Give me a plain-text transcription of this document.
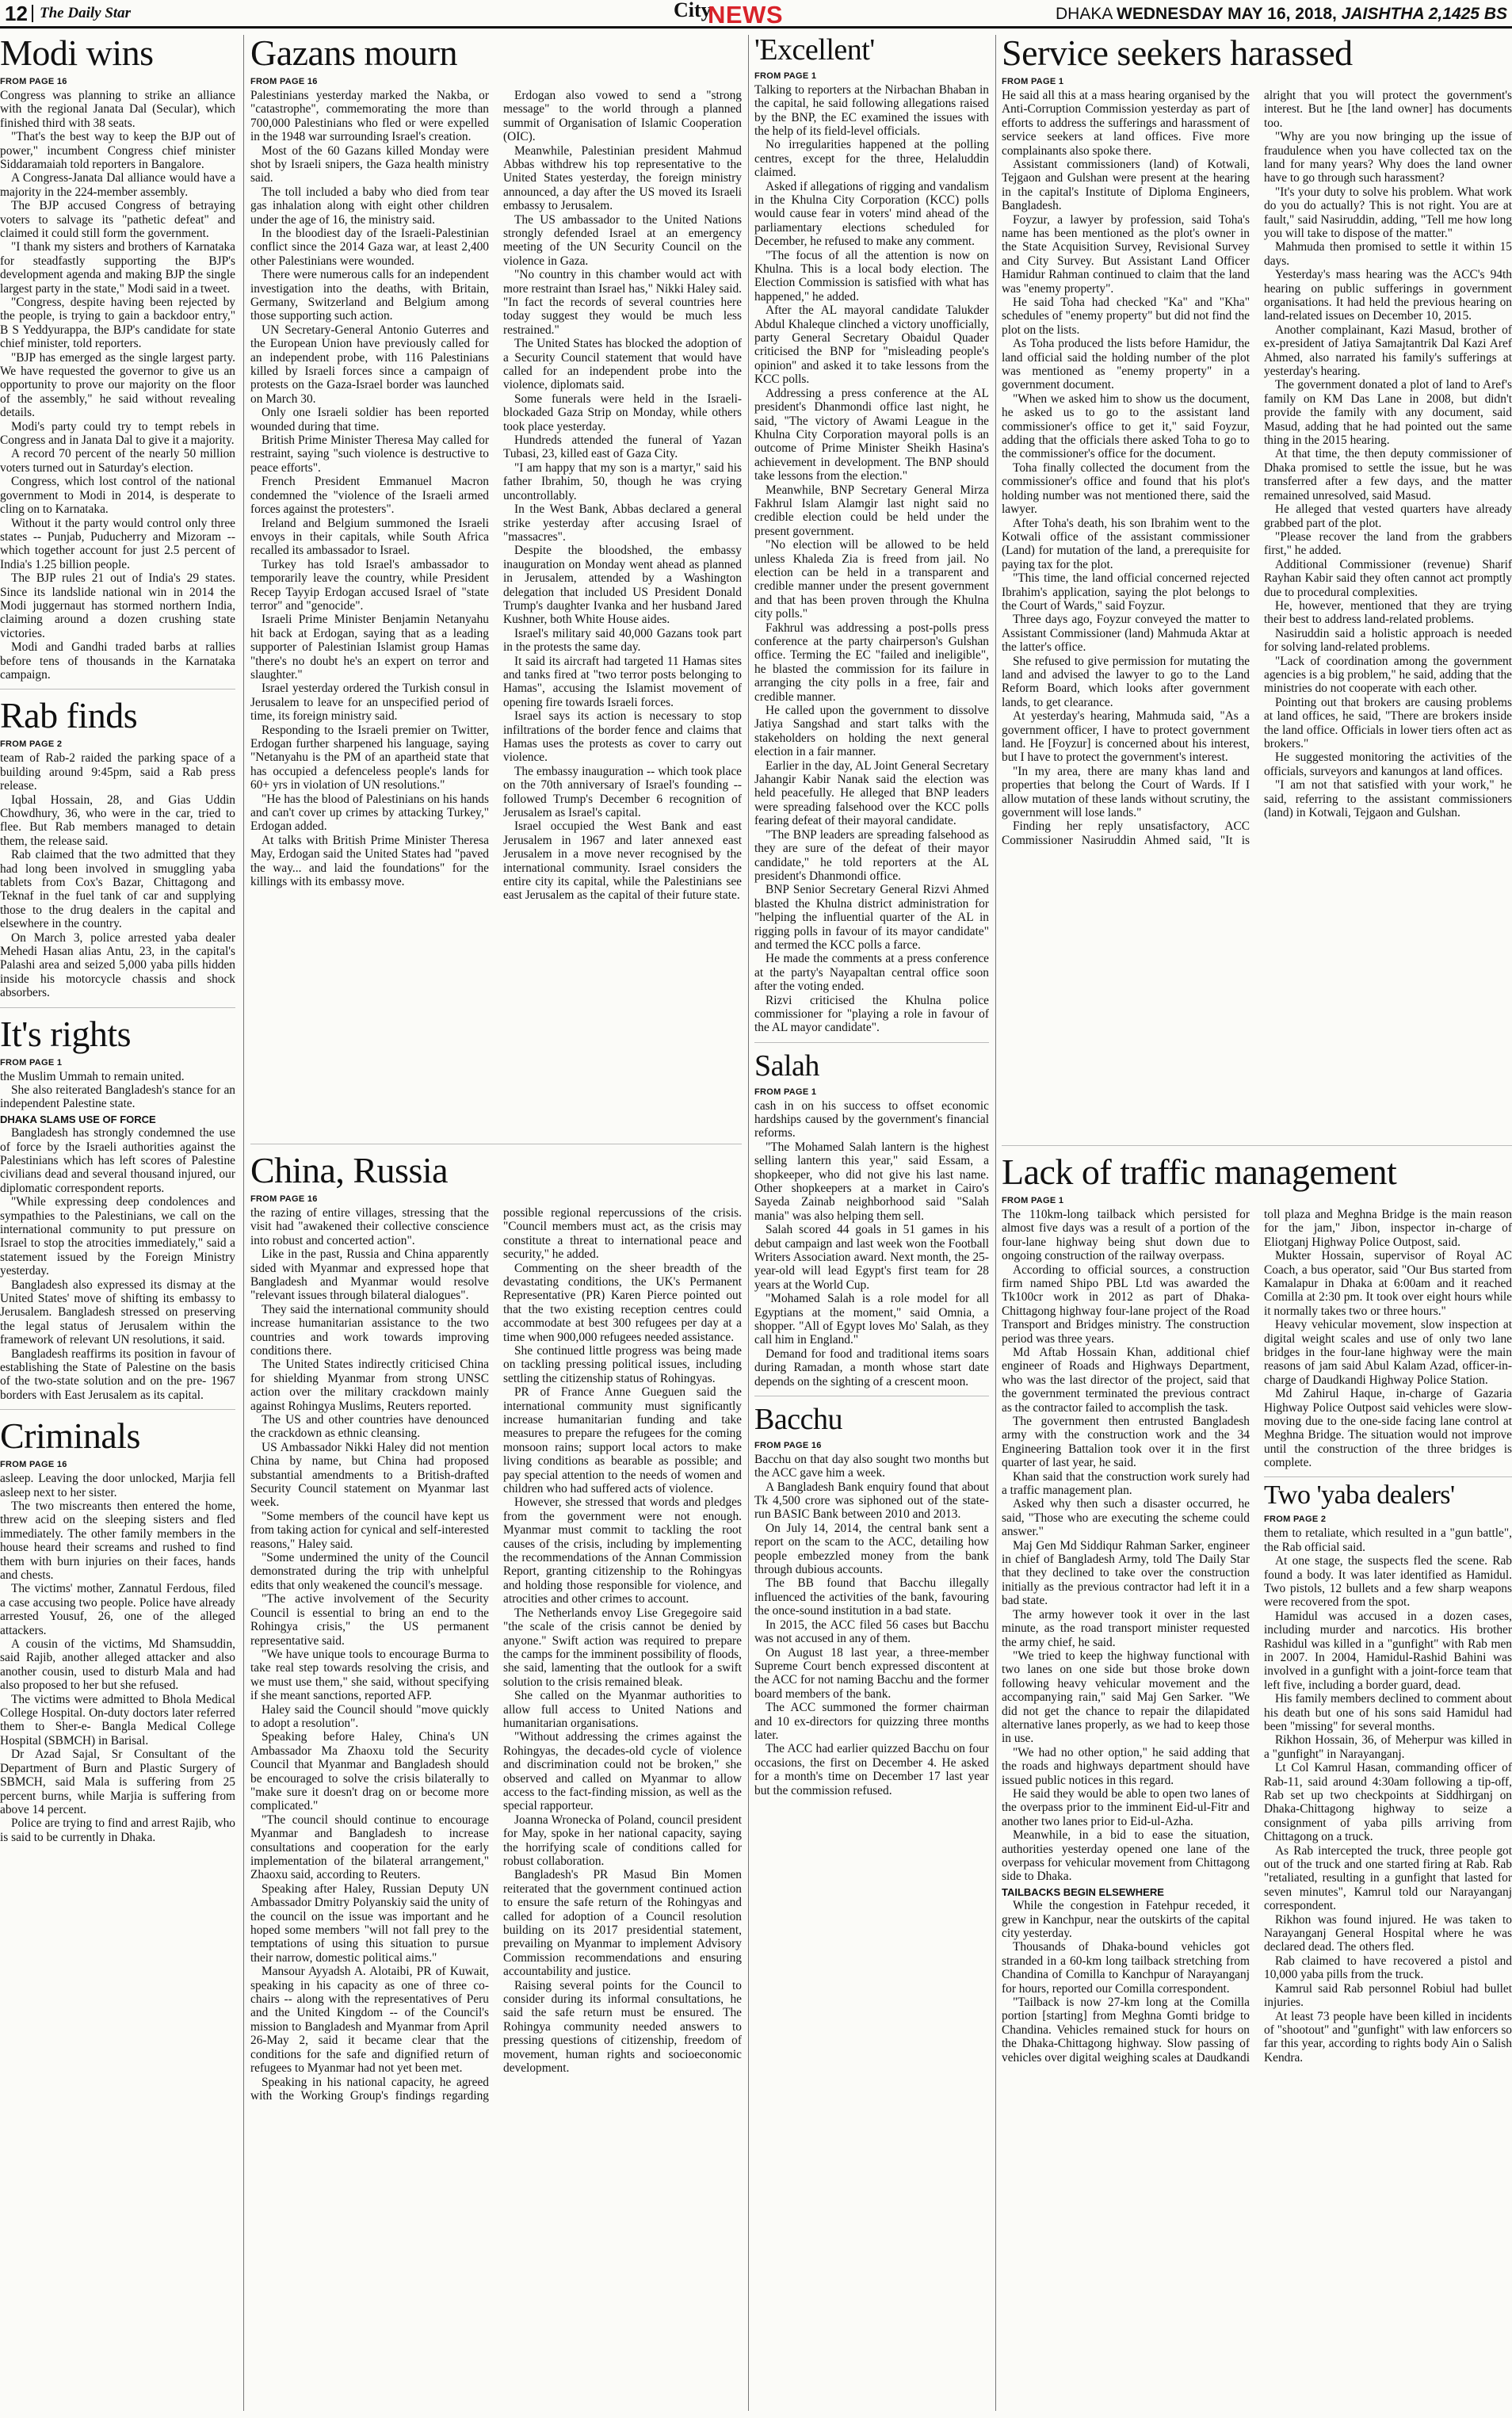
12 The Daily Star	City
NEWS	DHAKA WEDNESDAY MAY 16, 2018, JAISHTHA 2,1425 BS
Modi wins
FROM PAGE 16

Congress was planning to strike an alliance with the regional Janata Dal (Secular), which finished third with 38 seats.

"That's the best way to keep the BJP out of power," incumbent Congress chief minister Siddaramaiah told reporters in Bangalore.

A Congress-Janata Dal alliance would have a majority in the 224-member assembly.

The BJP accused Congress of betraying voters to salvage its "pathetic defeat" and claimed it could still form the government.

"I thank my sisters and brothers of Karnataka for steadfastly supporting the BJP's development agenda and making BJP the single largest party in the state," Modi said in a tweet.

"Congress, despite having been rejected by the people, is trying to gain a backdoor entry," B S Yeddyurappa, the BJP's candidate for state chief minister, told reporters.

"BJP has emerged as the single largest party. We have requested the governor to give us an opportunity to prove our majority on the floor of the assembly," he said without revealing details.

Modi's party could try to tempt rebels in Congress and in Janata Dal to give it a majority.

A record 70 percent of the nearly 50 million voters turned out in Saturday's election.

Congress, which lost control of the national government to Modi in 2014, is desperate to cling on to Karnataka.

Without it the party would control only three states -- Punjab, Puducherry and Mizoram -- which together account for just 2.5 percent of India's 1.25 billion people.

The BJP rules 21 out of India's 29 states. Since its landslide national win in 2014 the Modi juggernaut has stormed northern India, claiming around a dozen crushing state victories.

Modi and Gandhi traded barbs at rallies before tens of thousands in the Karnataka campaign.

Rab finds
FROM PAGE 2

team of Rab-2 raided the parking space of a building around 9:45pm, said a Rab press release.

Iqbal Hossain, 28, and Gias Uddin Chowdhury, 36, who were in the car, tried to flee. But Rab members managed to detain them, the release said.

Rab claimed that the two admitted that they had long been involved in smuggling yaba tablets from Cox's Bazar, Chittagong and Teknaf in the fuel tank of car and supplying those to the drug dealers in the capital and elsewhere in the country.

On March 3, police arrested yaba dealer Mehedi Hasan alias Antu, 23, in the capital's Palashi area and seized 5,000 yaba pills hidden inside his motorcycle chassis and shock absorbers.

It's rights
FROM PAGE 1

the Muslim Ummah to remain united.

She also reiterated Bangladesh's stance for an independent Palestine state.

DHAKA SLAMS USE OF FORCE

Bangladesh has strongly condemned the use of force by the Israeli authorities against the Palestinians which has left scores of Palestine civilians dead and several thousand injured, our diplomatic correspondent reports.

"While expressing deep condolences and sympathies to the Palestinians, we call on the international community to put pressure on Israel to stop the atrocities immediately," said a statement issued by the Foreign Ministry yesterday.

Bangladesh also expressed its dismay at the United States' move of shifting its embassy to Jerusalem. Bangladesh stressed on preserving the legal status of Jerusalem within the framework of relevant UN resolutions, it said.

Bangladesh reaffirms its position in favour of establishing the State of Palestine on the basis of the two-state solution and on the pre- 1967 borders with East Jerusalem as its capital.

Criminals
FROM PAGE 16

asleep. Leaving the door unlocked, Marjia fell asleep next to her sister.

The two miscreants then entered the home, threw acid on the sleeping sisters and fled immediately. The other family members in the house heard their screams and rushed to find them with burn injuries on their faces, hands and chests.

The victims' mother, Zannatul Ferdous, filed a case accusing two people. Police have already arrested Yousuf, 26, one of the alleged attackers.

A cousin of the victims, Md Shamsuddin, said Rajib, another alleged attacker and also another cousin, used to disturb Mala and had also proposed to her but she refused.

The victims were admitted to Bhola Medical College Hospital. On-duty doctors later referred them to Sher-e- Bangla Medical College Hospital (SBMCH) in Barisal.

Dr Azad Sajal, Sr Consultant of the Department of Burn and Plastic Surgery of SBMCH, said Mala is suffering from 25 percent burns, while Marjia is suffering from above 14 percent.

Police are trying to find and arrest Rajib, who is said to be currently in Dhaka.

Gazans mourn
FROM PAGE 16

Palestinians yesterday marked the Nakba, or "catastrophe", commemorating the more than 700,000 Palestinians who fled or were expelled in the 1948 war surrounding Israel's creation.

Most of the 60 Gazans killed Monday were shot by Israeli snipers, the Gaza health ministry said.

The toll included a baby who died from tear gas inhalation along with eight other children under the age of 16, the ministry said.

In the bloodiest day of the Israeli-Palestinian conflict since the 2014 Gaza war, at least 2,400 other Palestinians were wounded.

There were numerous calls for an independent investigation into the deaths, with Britain, Germany, Switzerland and Belgium among those supporting such action.

UN Secretary-General Antonio Guterres and the European Union have previously called for an independent probe, with 116 Palestinians killed by Israeli forces since a campaign of protests on the Gaza-Israel border was launched on March 30.

Only one Israeli soldier has been reported wounded during that time.

British Prime Minister Theresa May called for restraint, saying "such violence is destructive to peace efforts".

French President Emmanuel Macron condemned the "violence of the Israeli armed forces against the protesters".

Ireland and Belgium summoned the Israeli envoys in their capitals, while South Africa recalled its ambassador to Israel.

Turkey has told Israel's ambassador to temporarily leave the country, while President Recep Tayyip Erdogan accused Israel of "state terror" and "genocide".

Israeli Prime Minister Benjamin Netanyahu hit back at Erdogan, saying that as a leading supporter of Palestinian Islamist group Hamas "there's no doubt he's an expert on terror and slaughter."

Israel yesterday ordered the Turkish consul in Jerusalem to leave for an unspecified period of time, its foreign ministry said.

Responding to the Israeli premier on Twitter, Erdogan further sharpened his language, saying "Netanyahu is the PM of an apartheid state that has occupied a defenceless people's lands for 60+ yrs in violation of UN resolutions."

"He has the blood of Palestinians on his hands and can't cover up crimes by attacking Turkey," Erdogan added.

At talks with British Prime Minister Theresa May, Erdogan said the United States had "paved the way... and laid the foundations" for the killings with its embassy move.

Erdogan also vowed to send a "strong message" to the world through a planned summit of Organisation of Islamic Cooperation (OIC).

Meanwhile, Palestinian president Mahmud Abbas withdrew his top representative to the United States yesterday, the foreign ministry announced, a day after the US moved its Israeli embassy to Jerusalem.

The US ambassador to the United Nations strongly defended Israel at an emergency meeting of the UN Security Council on the violence in Gaza.

"No country in this chamber would act with more restraint than Israel has," Nikki Haley said. "In fact the records of several countries here today suggest they would be much less restrained."

The United States has blocked the adoption of a Security Council statement that would have called for an independent probe into the violence, diplomats said.

Some funerals were held in the Israeli-blockaded Gaza Strip on Monday, while others took place yesterday.

Hundreds attended the funeral of Yazan Tubasi, 23, killed east of Gaza City.

"I am happy that my son is a martyr," said his father Ibrahim, 50, though he was crying uncontrollably.

In the West Bank, Abbas declared a general strike yesterday after accusing Israel of "massacres".

Despite the bloodshed, the embassy inauguration on Monday went ahead as planned in Jerusalem, attended by a Washington delegation that included US President Donald Trump's daughter Ivanka and her husband Jared Kushner, both White House aides.

Israel's military said 40,000 Gazans took part in the protests the same day.

It said its aircraft had targeted 11 Hamas sites and tanks fired at "two terror posts belonging to Hamas", accusing the Islamist movement of opening fire towards Israeli forces.

Israel says its action is necessary to stop infiltrations of the border fence and claims that Hamas uses the protests as cover to carry out violence.

The embassy inauguration -- which took place on the 70th anniversary of Israel's founding -- followed Trump's December 6 recognition of Jerusalem as Israel's capital.

Israel occupied the West Bank and east Jerusalem in 1967 and later annexed east Jerusalem in a move never recognised by the international community. Israel considers the entire city its capital, while the Palestinians see east Jerusalem as the capital of their future state.

China, Russia
FROM PAGE 16

the razing of entire villages, stressing that the visit had "awakened their collective conscience into robust and concerted action".

Like in the past, Russia and China apparently sided with Myanmar and expressed hope that Bangladesh and Myanmar would resolve "relevant issues through bilateral dialogues".

They said the international community should increase humanitarian assistance to the two countries and work towards improving conditions there.

The United States indirectly criticised China for shielding Myanmar from strong UNSC action over the military crackdown mainly against Rohingya Muslims, Reuters reported.

The US and other countries have denounced the crackdown as ethnic cleansing.

US Ambassador Nikki Haley did not mention China by name, but China had proposed substantial amendments to a British-drafted Security Council statement on Myanmar last week.

"Some members of the council have kept us from taking action for cynical and self-interested reasons," Haley said.

"Some undermined the unity of the Council demonstrated during the trip with unhelpful edits that only weakened the council's message.

"The active involvement of the Security Council is essential to bring an end to the Rohingya crisis," the US permanent representative said.

"We have unique tools to encourage Burma to take real step towards resolving the crisis, and we must use them," she said, without specifying if she meant sanctions, reported AFP.

Haley said the Council should "move quickly to adopt a resolution".

Speaking before Haley, China's UN Ambassador Ma Zhaoxu told the Security Council that Myanmar and Bangladesh should be encouraged to solve the crisis bilaterally to "make sure it doesn't drag on or become more complicated."

"The council should continue to encourage Myanmar and Bangladesh to increase consultations and cooperation for the early implementation of the bilateral arrangement," Zhaoxu said, according to Reuters.

Speaking after Haley, Russian Deputy UN Ambassador Dmitry Polyanskiy said the unity of the council on the issue was important and he hoped some members "will not fall prey to the temptations of using this situation to pursue their narrow, domestic political aims."

Mansour Ayyadsh A. Alotaibi, PR of Kuwait, speaking in his capacity as one of three co-chairs -- along with the representatives of Peru and the United Kingdom -- of the Council's mission to Bangladesh and Myanmar from April 26-May 2, said it became clear that the conditions for the safe and dignified return of refugees to Myanmar had not yet been met.

Speaking in his national capacity, he agreed with the Working Group's findings regarding possible regional repercussions of the crisis. "Council members must act, as the crisis may constitute a threat to international peace and security," he added.

Commenting on the sheer breadth of the devastating conditions, the UK's Permanent Representative (PR) Karen Pierce pointed out that the two existing reception centres could accommodate at best 300 refugees per day at a time when 900,000 refugees needed assistance.

She continued little progress was being made on tackling pressing political issues, including settling the citizenship status of Rohingyas.

PR of France Anne Gueguen said the international community must significantly increase humanitarian funding and take measures to prepare the refugees for the coming monsoon rains; support local actors to make living conditions as bearable as possible; and pay special attention to the needs of women and children who had suffered acts of violence.

However, she stressed that words and pledges from the government were not enough. Myanmar must commit to tackling the root causes of the crisis, including by implementing the recommendations of the Annan Commission Report, granting citizenship to the Rohingyas and holding those responsible for violence, and atrocities and other crimes to account.

The Netherlands envoy Lise Gregegoire said "the scale of the crisis cannot be denied by anyone." Swift action was required to prepare the camps for the imminent possibility of floods, she said, lamenting that the outlook for a swift solution to the crisis remained bleak.

She called on the Myanmar authorities to allow full access to United Nations and humanitarian organisations.

"Without addressing the crimes against the Rohingyas, the decades-old cycle of violence and discrimination could not be broken," she observed and called on Myanmar to allow access to the fact-finding mission, as well as the special rapporteur.

Joanna Wronecka of Poland, council president for May, spoke in her national capacity, saying the horrifying scale of conditions called for robust collaboration.

Bangladesh's PR Masud Bin Momen reiterated that the government continued action to ensure the safe return of the Rohingyas and called for adoption of a Council resolution building on its 2017 presidential statement, prevailing on Myanmar to implement Advisory Commission recommendations and ensuring accountability and justice.

Raising several points for the Council to consider during its informal consultations, he said the safe return must be ensured. The Rohingya community needed answers to pressing questions of citizenship, freedom of movement, human rights and socioeconomic development.

'Excellent'
FROM PAGE 1

Talking to reporters at the Nirbachan Bhaban in the capital, he said following allegations raised by the BNP, the EC examined the issues with the help of its field-level officials.

No irregularities happened at the polling centres, except for the three, Helaluddin claimed.

Asked if allegations of rigging and vandalism in the Khulna City Corporation (KCC) polls would cause fear in voters' mind ahead of the parliamentary elections scheduled for December, he refused to make any comment.

"The focus of all the attention is now on Khulna. This is a local body election. The Election Commission is satisfied with what has happened," he added.

After the AL mayoral candidate Talukder Abdul Khaleque clinched a victory unofficially, party General Secretary Obaidul Quader criticised the BNP for "misleading people's opinion" and asked it to take lessons from the KCC polls.

Addressing a press conference at the AL president's Dhanmondi office last night, he said, "The victory of Awami League in the Khulna City Corporation mayoral polls is an outcome of Prime Minister Sheikh Hasina's achievement in development. The BNP should take lessons from the election."

Meanwhile, BNP Secretary General Mirza Fakhrul Islam Alamgir last night said no credible election could be held under the present government.

"No election will be allowed to be held unless Khaleda Zia is freed from jail. No election can be held in a transparent and credible manner under the present government and that has been proven through the Khulna city polls."

Fakhrul was addressing a post-polls press conference at the party chairperson's Gulshan office. Terming the EC "failed and ineligible", he blasted the commission for its failure in arranging the city polls in a free, fair and credible manner.

He called upon the government to dissolve Jatiya Sangshad and start talks with the stakeholders on holding the next general election in a fair manner.

Earlier in the day, AL Joint General Secretary Jahangir Kabir Nanak said the election was held peacefully. He alleged that BNP leaders were spreading falsehood over the KCC polls fearing defeat of their mayoral candidate.

"The BNP leaders are spreading falsehood as they are sure of the defeat of their mayor candidate," he told reporters at the AL president's Dhanmondi office.

BNP Senior Secretary General Rizvi Ahmed blasted the Khulna district administration for "helping the influential quarter of the AL in rigging polls in favour of its mayor candidate" and termed the KCC polls a farce.

He made the comments at a press conference at the party's Nayapaltan central office soon after the voting ended.

Rizvi criticised the Khulna police commissioner for "playing a role in favour of the AL mayor candidate".

Salah
FROM PAGE 1

cash in on his success to offset economic hardships caused by the government's financial reforms.

"The Mohamed Salah lantern is the highest selling lantern this year," said Essam, a shopkeeper, who did not give his last name. Other shopkeepers at a market in Cairo's Sayeda Zainab neighborhood said "Salah mania" was also helping them sell.

Salah scored 44 goals in 51 games in his debut campaign and last week won the Football Writers Association award. Next month, the 25-year-old will lead Egypt's first team for 28 years at the World Cup.

"Mohamed Salah is a role model for all Egyptians at the moment," said Omnia, a shopper. "All of Egypt loves Mo' Salah, as they call him in England."

Demand for food and traditional items soars during Ramadan, a month whose start date depends on the sighting of a crescent moon.

Bacchu
FROM PAGE 16

Bacchu on that day also sought two months but the ACC gave him a week.

A Bangladesh Bank enquiry found that about Tk 4,500 crore was siphoned out of the state-run BASIC Bank between 2010 and 2013.

On July 14, 2014, the central bank sent a report on the scam to the ACC, detailing how people embezzled money from the bank through dubious accounts.

The BB found that Bacchu illegally influenced the activities of the bank, favouring the once-sound institution in a bad state.

In 2015, the ACC filed 56 cases but Bacchu was not accused in any of them.

On August 18 last year, a three-member Supreme Court bench expressed discontent at the ACC for not naming Bacchu and the former board members of the bank.

The ACC summoned the former chairman and 10 ex-directors for quizzing three months later.

The ACC had earlier quizzed Bacchu on four occasions, the first on December 4. He asked for a month's time on December 17 last year but the commission refused.

Service seekers harassed
FROM PAGE 1

He said all this at a mass hearing organised by the Anti-Corruption Commission yesterday as part of efforts to address the sufferings and harassment of service seekers at land offices. Five more complainants also spoke there.

Assistant commissioners (land) of Kotwali, Tejgaon and Gulshan were present at the hearing in the capital's Institute of Diploma Engineers, Bangladesh.

Foyzur, a lawyer by profession, said Toha's name has been mentioned as the plot's owner in the State Acquisition Survey, Revisional Survey and City Survey. But Assistant Land Officer Hamidur Rahman continued to claim that the land was "enemy property".

He said Toha had checked "Ka" and "Kha" schedules of "enemy property" but did not find the plot on the lists.

As Toha produced the lists before Hamidur, the land official said the holding number of the plot was mentioned as "enemy property" in a government document.

"When we asked him to show us the document, he asked us to go to the assistant land commissioner's office to get it," said Foyzur, adding that the officials there asked Toha to go to the commissioner's office for the document.

Toha finally collected the document from the commissioner's office and found that his plot's holding number was not mentioned there, said the lawyer.

After Toha's death, his son Ibrahim went to the Kotwali office of the assistant commissioner (Land) for mutation of the land, a prerequisite for paying tax for the plot.

"This time, the land official concerned rejected Ibrahim's application, saying the plot belongs to the Court of Wards," said Foyzur.

Three days ago, Foyzur conveyed the matter to Assistant Commissioner (land) Mahmuda Aktar at the latter's office.

She refused to give permission for mutating the land and advised the lawyer to go to the Land Reform Board, which looks after government lands, to get clearance.

At yesterday's hearing, Mahmuda said, "As a government officer, I have to protect government land. He [Foyzur] is concerned about his interest, but I have to protect the government's interest.

"In my area, there are many khas land and properties that belong the Court of Wards. If I allow mutation of these lands without scrutiny, the government will lose lands."

Finding her reply unsatisfactory, ACC Commissioner Nasiruddin Ahmed said, "It is alright that you will protect the government's interest. But he [the land owner] has documents too.

"Why are you now bringing up the issue of fraudulence when you have collected tax on the land for many years? Why does the land owner have to go through such harassment?

"It's your duty to solve his problem. What work do you do actually? This is not right. You are at fault," said Nasiruddin, adding, "Tell me how long you will take to dispose of the matter."

Mahmuda then promised to settle it within 15 days.

Yesterday's mass hearing was the ACC's 94th hearing on public sufferings in government organisations. It had held the previous hearing on land-related issues on December 10, 2015.

Another complainant, Kazi Masud, brother of ex-president of Jatiya Samajtantrik Dal Kazi Aref Ahmed, also narrated his family's sufferings at yesterday's hearing.

The government donated a plot of land to Aref's family on KM Das Lane in 2008, but didn't provide the family with any document, said Masud, adding that he had pointed out the same thing in the 2015 hearing.

At that time, the then deputy commissioner of Dhaka promised to settle the issue, but he was transferred after a few days, and the matter remained unresolved, said Masud.

He alleged that vested quarters have already grabbed part of the plot.

"Please recover the land from the grabbers first," he added.

Additional Commissioner (revenue) Sharif Rayhan Kabir said they often cannot act promptly due to procedural complexities.

He, however, mentioned that they are trying their best to address land-related problems.

Nasiruddin said a holistic approach is needed for solving land-related problems.

"Lack of coordination among the government agencies is a big problem," he said, adding that the ministries do not cooperate with each other.

Pointing out that brokers are causing problems at land offices, he said, "There are brokers inside the land office. Officials in lower tiers often act as brokers."

He suggested monitoring the activities of the officials, surveyors and kanungos at land offices.

"I am not that satisfied with your work," he said, referring to the assistant commissioners (land) in Kotwali, Tejgaon and Gulshan.

Lack of traffic management
FROM PAGE 1

The 110km-long tailback which persisted for almost five days was a result of a portion of the four-lane highway being shut down due to ongoing construction of the railway overpass.

According to official sources, a construction firm named Shipo PBL Ltd was awarded the Tk100cr work in 2012 as part of Dhaka-Chittagong highway four-lane project of the Road Transport and Bridges ministry. The construction period was three years.

Md Aftab Hossain Khan, additional chief engineer of Roads and Highways Department, who was the last director of the project, said that the government terminated the previous contract as the contractor failed to accomplish the task.

The government then entrusted Bangladesh army with the construction work and the 34 Engineering Battalion took over it in the first quarter of last year, he said.

Khan said that the construction work surely had a traffic management plan.

Asked why then such a disaster occurred, he said, "Those who are executing the scheme could answer."

Maj Gen Md Siddiqur Rahman Sarker, engineer in chief of Bangladesh Army, told The Daily Star that they declined to take over the construction initially as the previous contractor had left it in a bad state.

The army however took it over in the last minute, as the road transport minister requested the army chief, he said.

"We tried to keep the highway functional with two lanes on one side but those broke down following heavy vehicular movement and the accompanying rain," said Maj Gen Sarker. "We did not get the chance to repair the dilapidated alternative lanes properly, as we had to keep those in use.

"We had no other option," he said adding that the roads and highways department should have issued public notices in this regard.

He said they would be able to open two lanes of the overpass prior to the imminent Eid-ul-Fitr and another two lanes prior to Eid-ul-Azha.

Meanwhile, in a bid to ease the situation, authorities yesterday opened one lane of the overpass for vehicular movement from Chittagong side to Dhaka.

TAILBACKS BEGIN ELSEWHERE

While the congestion in Fatehpur receded, it grew in Kanchpur, near the outskirts of the capital city yesterday.

Thousands of Dhaka-bound vehicles got stranded in a 60-km long tailback stretching from Chandina of Comilla to Kanchpur of Narayanganj for hours, reported our Comilla correspondent.

"Tailback is now 27-km long at the Comilla portion [starting] from Meghna Gomti bridge to Chandina. Vehicles remained stuck for hours on the Dhaka-Chittagong highway. Slow passing of vehicles over digital weighing scales at Daudkandi toll plaza and Meghna Bridge is the main reason for the jam," Jibon, inspector in-charge of Eliotganj Highway Police Outpost, said.

Mukter Hossain, supervisor of Royal AC Coach, a bus operator, said "Our Bus started from Kamalapur in Dhaka at 6:00am and it reached Comilla at 2:30 pm. It took over eight hours while it normally takes two or three hours."

Heavy vehicular movement, slow inspection at digital weight scales and use of only two lane bridges in the four-lane highway were the main reasons of jam said Abul Kalam Azad, officer-in-charge of Daudkandi Highway Police Station.

Md Zahirul Haque, in-charge of Gazaria Highway Police Outpost said vehicles were slow-moving due to the one-side facing lane control at Meghna Bridge. The situation would not improve until the construction of the three bridges is complete.

Two 'yaba dealers'
FROM PAGE 2

them to retaliate, which resulted in a "gun battle", the Rab official said.

At one stage, the suspects fled the scene. Rab found a body. It was later identified as Hamidul. Two pistols, 12 bullets and a few sharp weapons were recovered from the spot.

Hamidul was accused in a dozen cases, including murder and narcotics. His brother Rashidul was killed in a "gunfight" with Rab men in 2007. In 2004, Hamidul-Rashid Bahini was involved in a gunfight with a joint-force team that left five, including a border guard, dead.

His family members declined to comment about his death but one of his sons said Hamidul had been "missing" for several months.

Rikhon Hossain, 36, of Meherpur was killed in a "gunfight" in Narayanganj.

Lt Col Kamrul Hasan, commanding officer of Rab-11, said around 4:30am following a tip-off, Rab set up two checkpoints at Siddhirganj on Dhaka-Chittagong highway to seize a consignment of yaba pills arriving from Chittagong on a truck.

As Rab intercepted the truck, three people got out of the truck and one started firing at Rab. Rab "retaliated, resulting in a gunfight that lasted for seven minutes", Kamrul told our Narayanganj correspondent.

Rikhon was found injured. He was taken to Narayanganj General Hospital where he was declared dead. The others fled.

Rab claimed to have recovered a pistol and 10,000 yaba pills from the truck.

Kamrul said Rab personnel Robiul had bullet injuries.

At least 73 people have been killed in incidents of "shootout" and "gunfight" with law enforcers so far this year, according to rights body Ain o Salish Kendra.
